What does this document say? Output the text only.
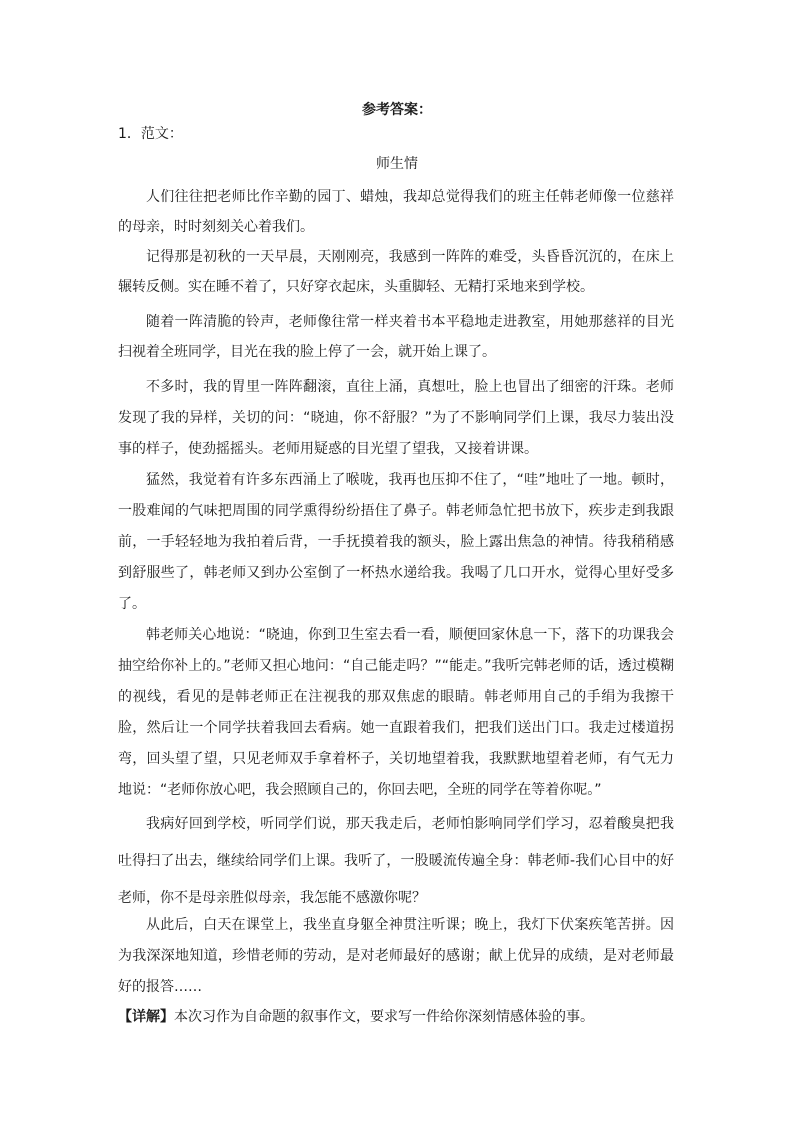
参考答案：
1．范文：
师生情

人们往往把老师比作辛勤的园丁、蜡烛，我却总觉得我们的班主任韩老师像一位慈祥的母亲，时时刻刻关心着我们。

记得那是初秋的一天早晨，天刚刚亮，我感到一阵阵的难受，头昏昏沉沉的，在床上辗转反侧。实在睡不着了，只好穿衣起床，头重脚轻、无精打采地来到学校。

随着一阵清脆的铃声，老师像往常一样夹着书本平稳地走进教室，用她那慈祥的目光扫视着全班同学，目光在我的脸上停了一会，就开始上课了。

不多时，我的胃里一阵阵翻滚，直往上涌，真想吐，脸上也冒出了细密的汗珠。老师发现了我的异样，关切的问：“晓迪，你不舒服？”为了不影响同学们上课，我尽力装出没事的样子，使劲摇摇头。老师用疑惑的目光望了望我，又接着讲课。

猛然，我觉着有许多东西涌上了喉咙，我再也压抑不住了，“哇”地吐了一地。顿时，一股难闻的气味把周围的同学熏得纷纷捂住了鼻子。韩老师急忙把书放下，疾步走到我跟前，一手轻轻地为我拍着后背，一手抚摸着我的额头，脸上露出焦急的神情。待我稍稍感到舒服些了，韩老师又到办公室倒了一杯热水递给我。我喝了几口开水，觉得心里好受多了。

韩老师关心地说：“晓迪，你到卫生室去看一看，顺便回家休息一下，落下的功课我会抽空给你补上的。”老师又担心地问：“自己能走吗？”“能走。”我听完韩老师的话，透过模糊的视线，看见的是韩老师正在注视我的那双焦虑的眼睛。韩老师用自己的手绢为我擦干脸，然后让一个同学扶着我回去看病。她一直跟着我们，把我们送出门口。我走过楼道拐弯，回头望了望，只见老师双手拿着杯子，关切地望着我，我默默地望着老师，有气无力地说：“老师你放心吧，我会照顾自己的，你回去吧，全班的同学在等着你呢。”

我病好回到学校，听同学们说，那天我走后，老师怕影响同学们学习，忍着酸臭把我吐得扫了出去，继续给同学们上课。我听了，一股暖流传遍全身：韩老师-我们心目中的好老师，你不是母亲胜似母亲，我怎能不感激你呢？

从此后，白天在课堂上，我坐直身躯全神贯注听课；晚上，我灯下伏案疾笔苦拼。因为我深深地知道，珍惜老师的劳动，是对老师最好的感谢；献上优异的成绩，是对老师最好的报答……

【详解】本次习作为自命题的叙事作文，要求写一件给你深刻情感体验的事。
